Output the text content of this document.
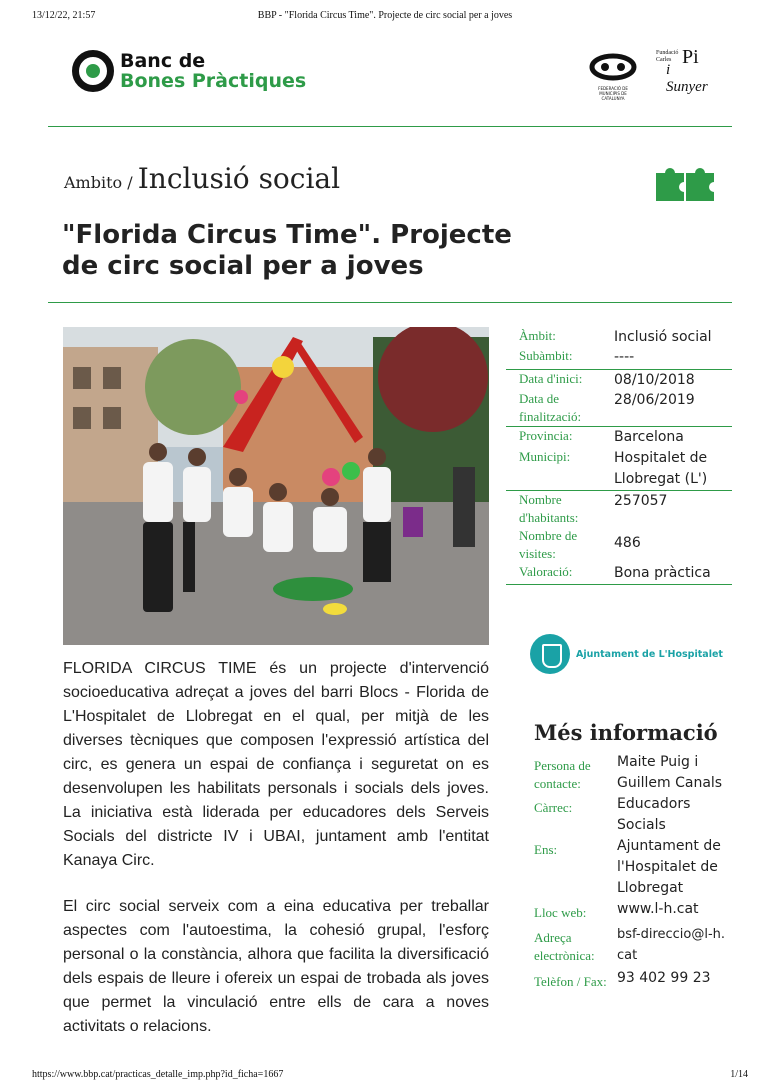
13/12/22, 21:57	BBP - "Florida Circus Time". Projecte de circ social per a joves
Banc de
Bones Pràctiques	FEDERACIÓ DE MUNICIPIS DE CATALUNYA
Fundació Carles Pi
i Sunyer
Ambito / Inclusió social
"Florida Circus Time". Projecte de circ social per a joves
Àmbit:	Inclusió social
Subàmbit:	----
Data d'inici:	08/10/2018
Data de finalització:
28/06/2019
Provincia:	Barcelona
Municipi:	Hospitalet de Llobregat (L')
Nombre d'habitants:
257057
Nombre de visites:
486
Valoració:	Bona pràctica
Ajuntament de L'Hospitalet

FLORIDA CIRCUS TIME és un projecte d'intervenció socioeducativa adreçat a joves del barri Blocs - Florida de L'Hospitalet de Llobregat en el qual, per mitjà de les diverses tècniques que composen l'expressió artística del circ, es genera un espai de confiança i seguretat on es desenvolupen les habilitats personals i socials dels joves. La iniciativa està liderada per educadores dels Serveis Socials del districte IV i UBAI, juntament amb l'entitat Kanaya Circ.

El circ social serveix com a eina educativa per treballar aspectes com l'autoestima, la cohesió grupal, l'esforç personal o la constància, alhora que facilita la diversificació dels espais de lleure i ofereix un espai de trobada als joves que permet la vinculació entre ells de cara a noves activitats o relacions.

Més informació
Persona de contacte:
Maite Puig i Guillem Canals
Càrrec:	Educadors Socials
Ens:	Ajuntament de l'Hospitalet de Llobregat
Lloc web:	www.l-h.cat
Adreça electrònica:
bsf-direccio@l-h.cat
Telèfon / Fax: 93 402 99 23
https://www.bbp.cat/practicas_detalle_imp.php?id_ficha=1667	1/14
